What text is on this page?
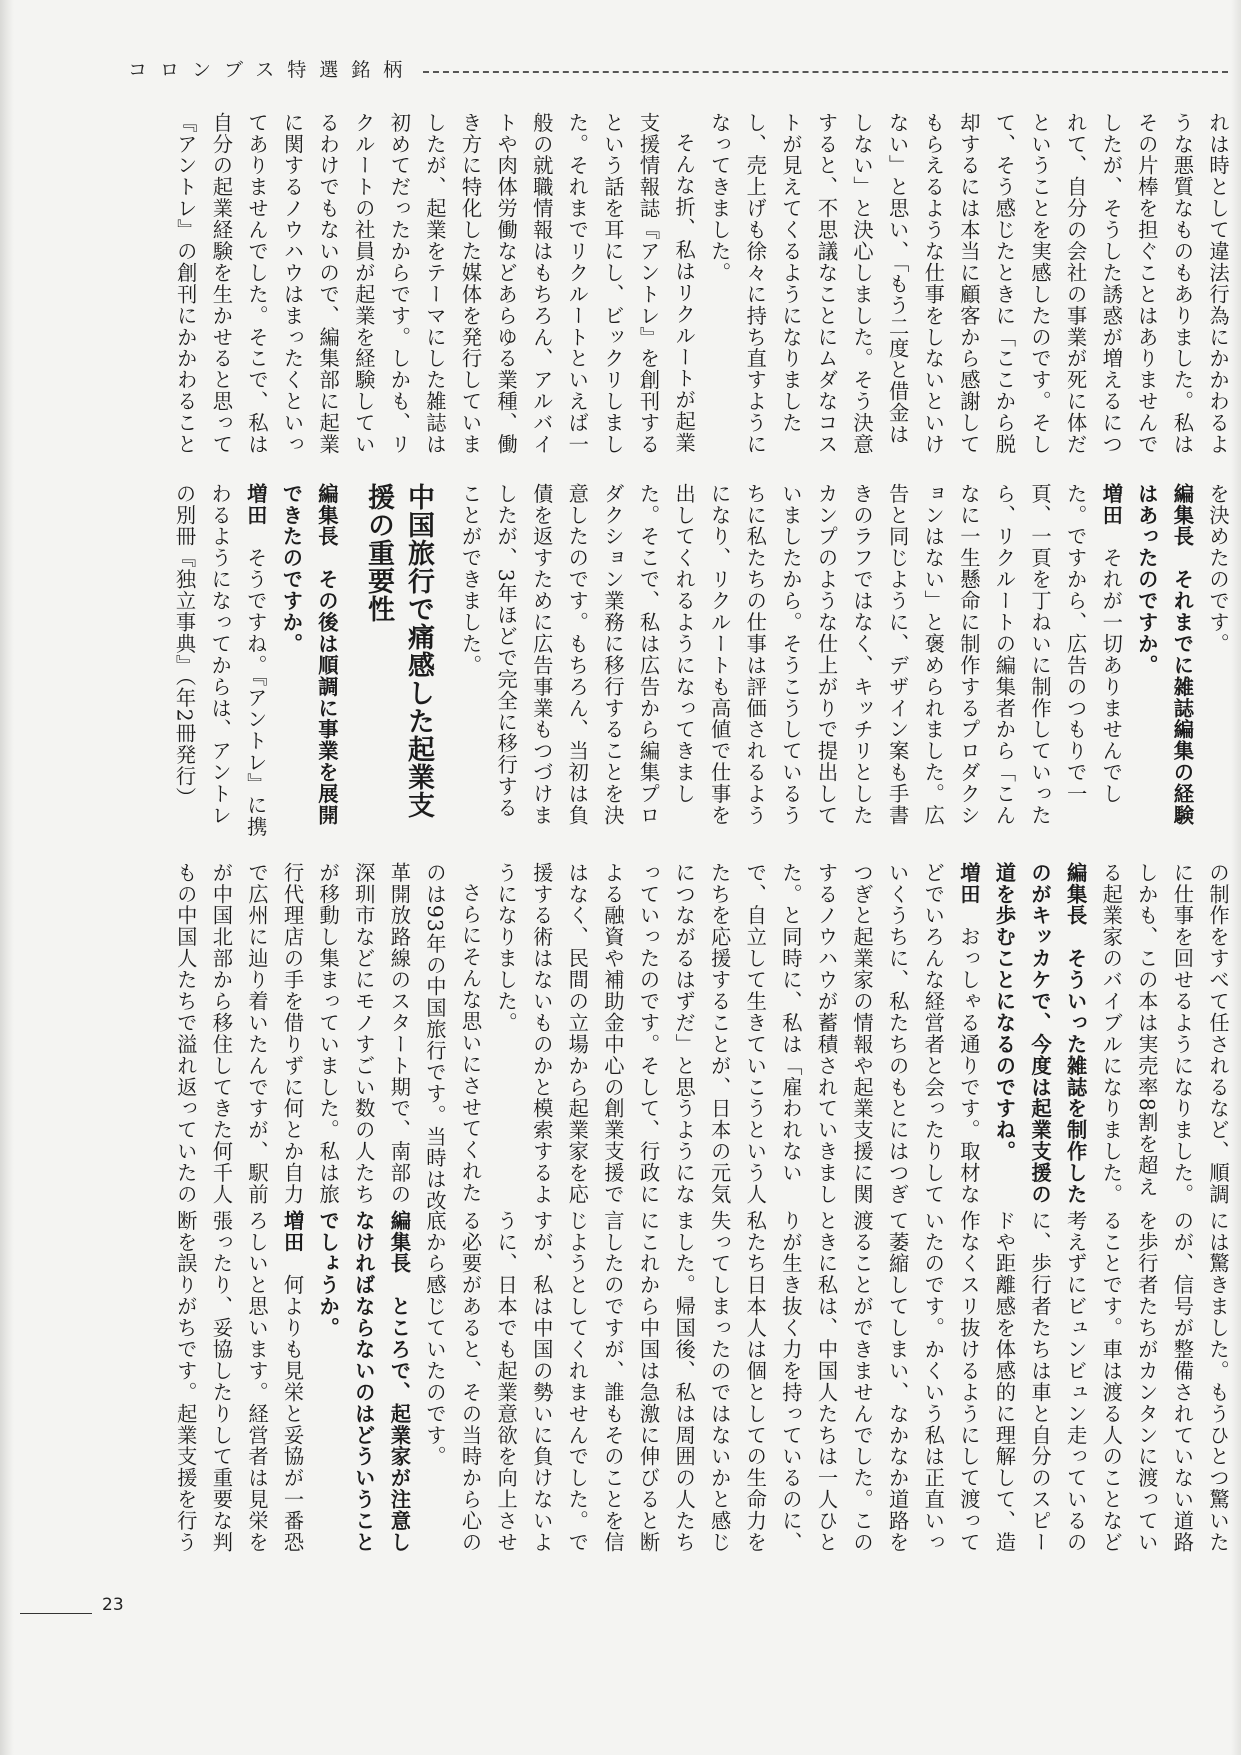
コロンブス特選銘柄

れは時として違法行為にかかわるような悪質なものもありました。私はその片棒を担ぐことはありませんでしたが、そうした誘惑が増えるにつれて、自分の会社の事業が死に体だということを実感したのです。そして、そう感じたときに「ここから脱却するには本当に顧客から感謝してもらえるような仕事をしないといけない」と思い、「もう二度と借金はしない」と決心しました。そう決意すると、不思議なことにムダなコストが見えてくるようになりましたし、売上げも徐々に持ち直すようになってきました。

そんな折、私はリクルートが起業支援情報誌『アントレ』を創刊するという話を耳にし、ビックリしました。それまでリクルートといえば一般の就職情報はもちろん、アルバイトや肉体労働などあらゆる業種、働き方に特化した媒体を発行していましたが、起業をテーマにした雑誌は初めてだったからです。しかも、リクルートの社員が起業を経験しているわけでもないので、編集部に起業に関するノウハウはまったくといってありませんでした。そこで、私は自分の起業経験を生かせると思って『アントレ』の創刊にかかわること

を決めたのです。

編集長　それまでに雑誌編集の経験はあったのですか。

増田　それが一切ありませんでした。ですから、広告のつもりで一頁、一頁を丁ねいに制作していったら、リクルートの編集者から「こんなに一生懸命に制作するプロダクションはない」と褒められました。広告と同じように、デザイン案も手書きのラフではなく、キッチリとしたカンプのような仕上がりで提出していましたから。そうこうしているうちに私たちの仕事は評価されるようになり、リクルートも高値で仕事を出してくれるようになってきました。そこで、私は広告から編集プロダクション業務に移行することを決意したのです。もちろん、当初は負債を返すために広告事業もつづけましたが、3年ほどで完全に移行することができました。

中国旅行で痛感した起業支援の重要性

編集長　その後は順調に事業を展開できたのですか。

増田　そうですね。『アントレ』に携わるようになってからは、アントレの別冊『独立事典』（年2冊発行）

の制作をすべて任されるなど、順調に仕事を回せるようになりました。しかも、この本は実売率8割を超える起業家のバイブルになりました。

編集長　そういった雑誌を制作したのがキッカケで、今度は起業支援の道を歩むことになるのですね。

増田　おっしゃる通りです。取材などでいろんな経営者と会ったりしていくうちに、私たちのもとにはつぎつぎと起業家の情報や起業支援に関するノウハウが蓄積されていきました。と同時に、私は「雇われないで、自立して生きていこうという人たちを応援することが、日本の元気につながるはずだ」と思うようになっていったのです。そして、行政による融資や補助金中心の創業支援ではなく、民間の立場から起業家を応援する術はないものかと模索するようになりました。

さらにそんな思いにさせてくれたのは93年の中国旅行です。当時は改革開放路線のスタート期で、南部の深玔市などにモノすごい数の人たちが移動し集まっていました。私は旅行代理店の手を借りずに何とか自力で広州に辿り着いたんですが、駅前が中国北部から移住してきた何千人もの中国人たちで溢れ返っていたの

には驚きました。もうひとつ驚いたのが、信号が整備されていない道路を歩行者たちがカンタンに渡っていることです。車は渡る人のことなど考えずにビュンビュン走っているのに、歩行者たちは車と自分のスピードや距離感を体感的に理解して、造作なくスリ抜けるようにして渡っていたのです。かくいう私は正直いって萎縮してしまい、なかなか道路を渡ることができませんでした。このときに私は、中国人たちは一人ひとりが生き抜く力を持っているのに、私たち日本人は個としての生命力を失ってしまったのではないかと感じました。帰国後、私は周囲の人たちにこれから中国は急激に伸びると断言したのですが、誰もそのことを信じようとしてくれませんでした。ですが、私は中国の勢いに負けないように、日本でも起業意欲を向上させる必要があると、その当時から心の底から感じていたのです。

編集長　ところで、起業家が注意しなければならないのはどういうことでしょうか。

増田　何よりも見栄と妥協が一番恐ろしいと思います。経営者は見栄を張ったり、妥協したりして重要な判断を誤りがちです。起業支援を行う

23
